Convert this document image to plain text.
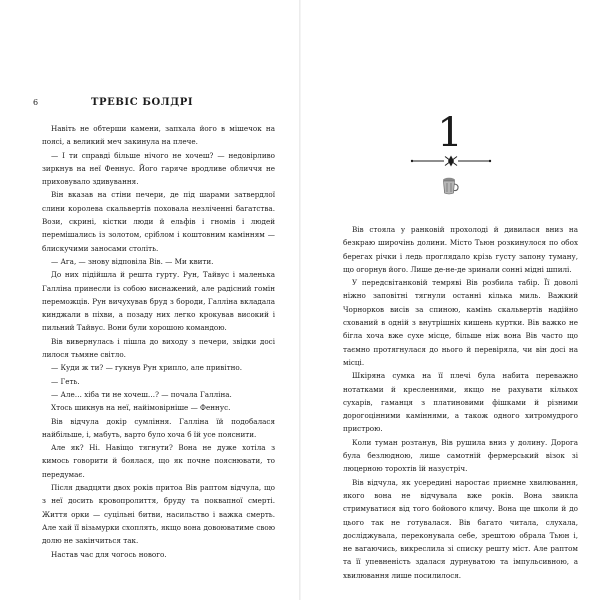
6	ТРЕВІС БОЛДРІ

Навіть не обтерши камени, запхала його в мішечок на поясі, а великий меч закинула на плече.

— І ти справді більше нічого не хочеш? — недовірливо зиркнув на неї Феннус. Його гаряче вродливе обличчя не приховувало здивування.

Він вказав на стіни печери, де під шарами затвердлої слини королева скальвертів поховала незліченні багатства. Вози, скрині, кістки люди й ельфів і гномів і людей перемішались із золотом, сріблом і коштовним камінням — блискучими заносами століть.

— Ага, — знову відповіла Вів. — Ми квити.

До них підійшла й решта гурту. Рун, Тайвус і маленька Галліна принесли із собою виснажений, але радісний гомін переможців. Рун вичухував бруд з бороди, Галліна вкладала кинджали в піхви, а позаду них легко крокував високий і пильний Тайвус. Вони були хорошою командою.

Вів вивернулась і пішла до виходу з печери, звідки досі лилося тьмяне світло.

— Куди ж ти? — гукнув Рун хрипло, але привітно.

— Геть.

— Але… хіба ти не хочеш…? — почала Галліна.

Хтось шикнув на неї, найімовірніше — Феннус.

Вів відчула докір сумління. Галліна їй подобалася найбільше, і, мабуть, варто було хоча б їй усе пояснити.

Але як? Ні. Навіщо тягнути? Вона не дуже хотіла з кимось говорити й боялася, що як почне пояснювати, то передумає.

Після двадцяти двох років притоа Вів раптом відчула, що з неї досить кровопролиття, бруду та поквапної смерті. Життя орки — суцільні битви, насильство і важка смерть. Але хай її візьмурки схоплять, якщо вона довоюватиме свою долю не закінчиться так.

Настав час для чогось нового.

1

Вів стояла у ранковій прохолоді й дивилася вниз на безкраю широчінь долини. Місто Тьюн розкинулося по обох берегах річки і ледь проглядало крізь густу запону туману, що огорнув його. Лише де-не-де зринали сонні мідні шпилі.

У передсвітанковій темряві Вів розбила табір. Її доволі ніжно заповітні тягнули останні кілька миль. Важкий Чорнорков висів за спиною, камінь скальвертів надійно схований в одній з внутрішніх кишень куртки. Вів важко не бігла хоча вже сухе місце, більше ніж вона Вів часто що таємно протягнулася до нього й перевіряла, чи він досі на місці.

Шкіряна сумка на її плечі була набита переважно нотатками й кресленнями, якщо не рахувати кількох сухарів, гаманця з платиновими фішками й різними дорогоцінними каміннями, а також одного хитромудрого пристрою.

Коли туман розтанув, Вів рушила вниз у долину. Дорога була безлюдною, лише самотній фермерський візок зі люцерною торохтів їй назустріч.

Вів відчула, як усередині наростає приємне хвилювання, якого вона не відчувала вже років. Вона звикла стримуватися від того бойового кличу. Вона ще школи й до цього так не готувалася. Вів багато читала, слухала, досліджувала, переконувала себе, зрештою обрала Тьюн і, не вагаючись, викреслила зі списку решту міст. Але раптом та її упевненість здалася дурнуватою та імпульсивною, а хвилювання лише посилилося.
